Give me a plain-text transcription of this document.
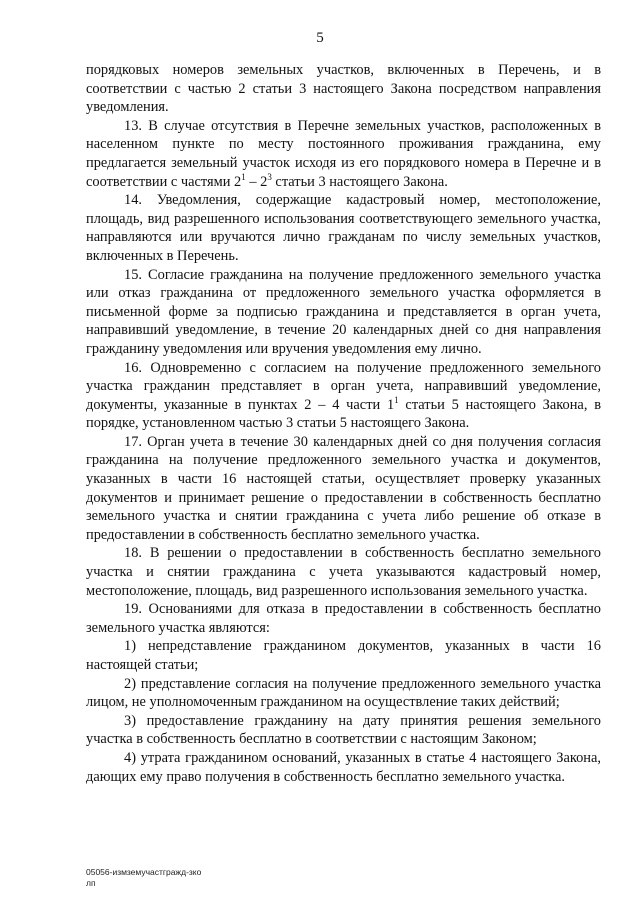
5

порядковых номеров земельных участков, включенных в Перечень, и в соответствии с частью 2 статьи 3 настоящего Закона посредством направления уведомления.

13. В случае отсутствия в Перечне земельных участков, расположенных в населенном пункте по месту постоянного проживания гражданина, ему предлагается земельный участок исходя из его порядкового номера в Перечне и в соответствии с частями $2^1 - 2^3$ статьи 3 настоящего Закона.

14. Уведомления, содержащие кадастровый номер, местоположение, площадь, вид разрешенного использования соответствующего земельного участка, направляются или вручаются лично гражданам по числу земельных участков, включенных в Перечень.

15. Согласие гражданина на получение предложенного земельного участка или отказ гражданина от предложенного земельного участка оформляется в письменной форме за подписью гражданина и представляется в орган учета, направивший уведомление, в течение 20 календарных дней со дня направления гражданину уведомления или вручения уведомления ему лично.

16. Одновременно с согласием на получение предложенного земельного участка гражданин представляет в орган учета, направивший уведомление, документы, указанные в пунктах 2 – 4 части $1^1$ статьи 5 настоящего Закона, в порядке, установленном частью 3 статьи 5 настоящего Закона.

17. Орган учета в течение 30 календарных дней со дня получения согласия гражданина на получение предложенного земельного участка и документов, указанных в части 16 настоящей статьи, осуществляет проверку указанных документов и принимает решение о предоставлении в собственность бесплатно земельного участка и снятии гражданина с учета либо решение об отказе в предоставлении в собственность бесплатно земельного участка.

18. В решении о предоставлении в собственность бесплатно земельного участка и снятии гражданина с учета указываются кадастровый номер, местоположение, площадь, вид разрешенного использования земельного участка.

19. Основаниями для отказа в предоставлении в собственность бесплатно земельного участка являются:

1) непредставление гражданином документов, указанных в части 16 настоящей статьи;

2) представление согласия на получение предложенного земельного участка лицом, не уполномоченным гражданином на осуществление таких действий;

3) предоставление гражданину на дату принятия решения земельного участка в собственность бесплатно в соответствии с настоящим Законом;

4) утрата гражданином оснований, указанных в статье 4 настоящего Закона, дающих ему право получения в собственность бесплатно земельного участка.

05056-измземучастгражд-зко
лп
